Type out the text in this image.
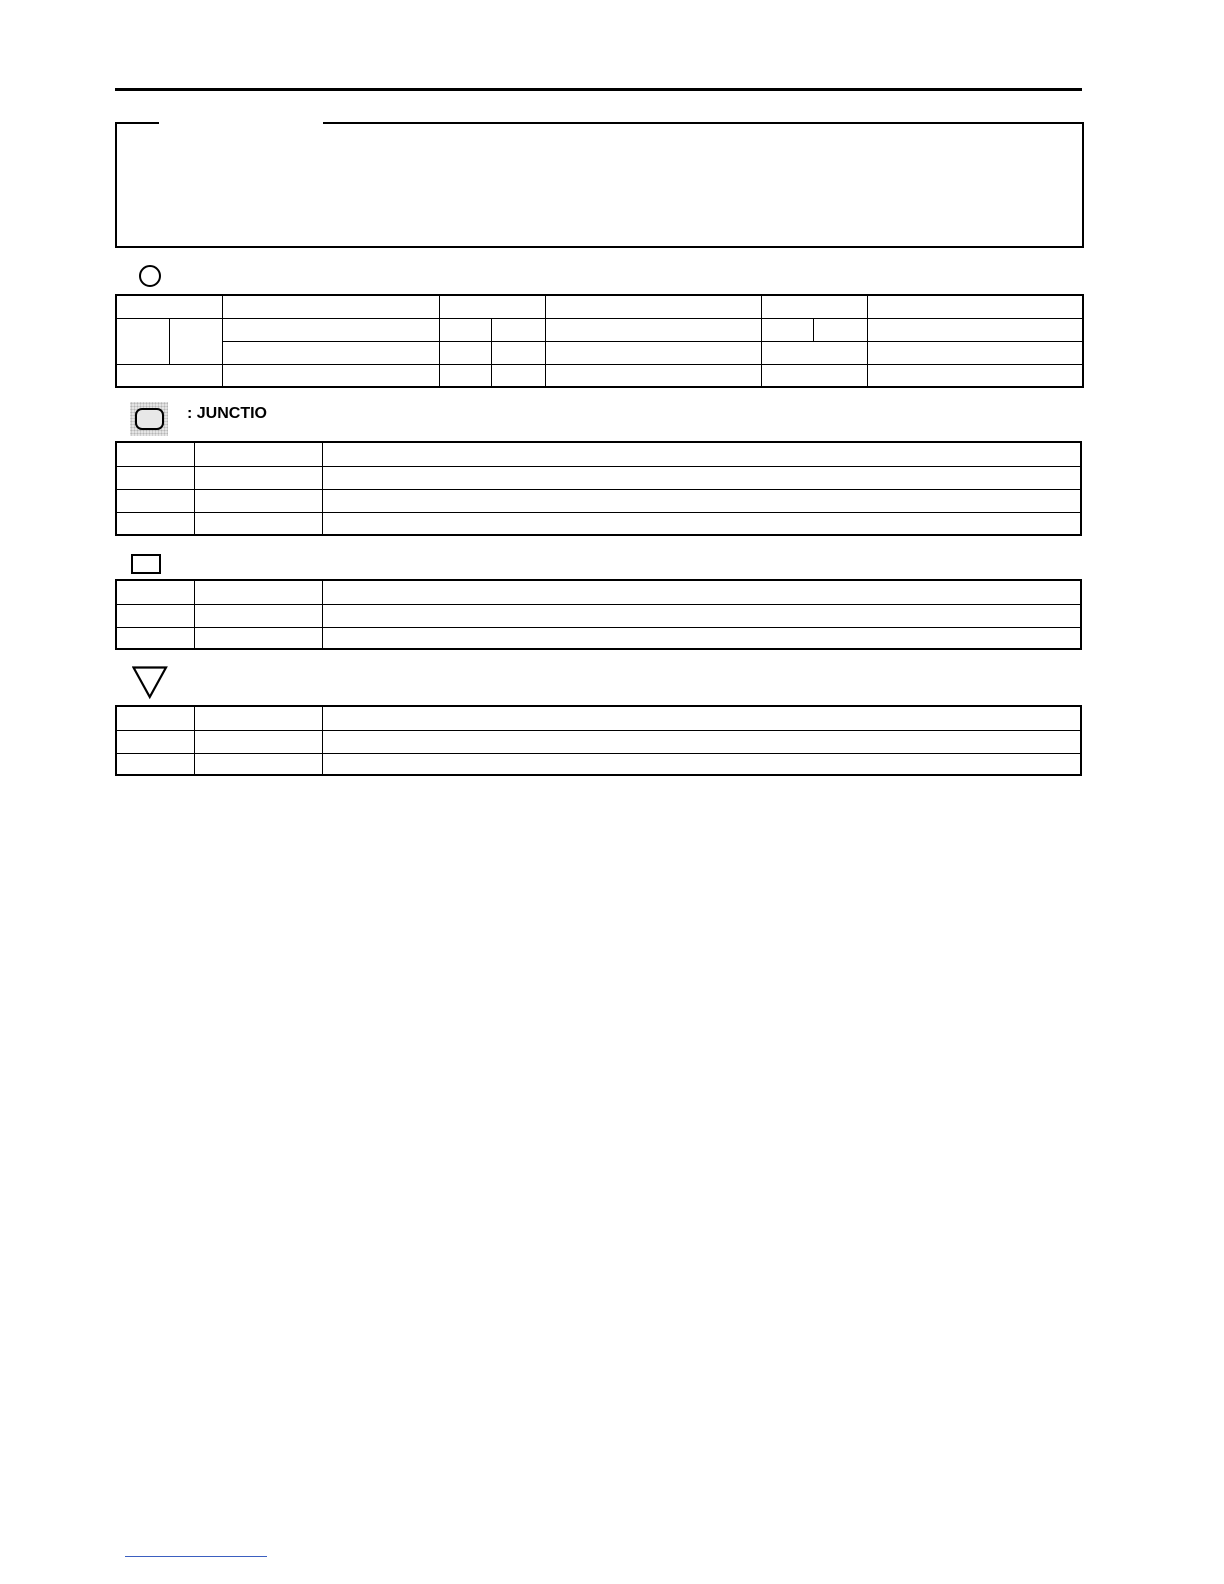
: JUNCTIO
